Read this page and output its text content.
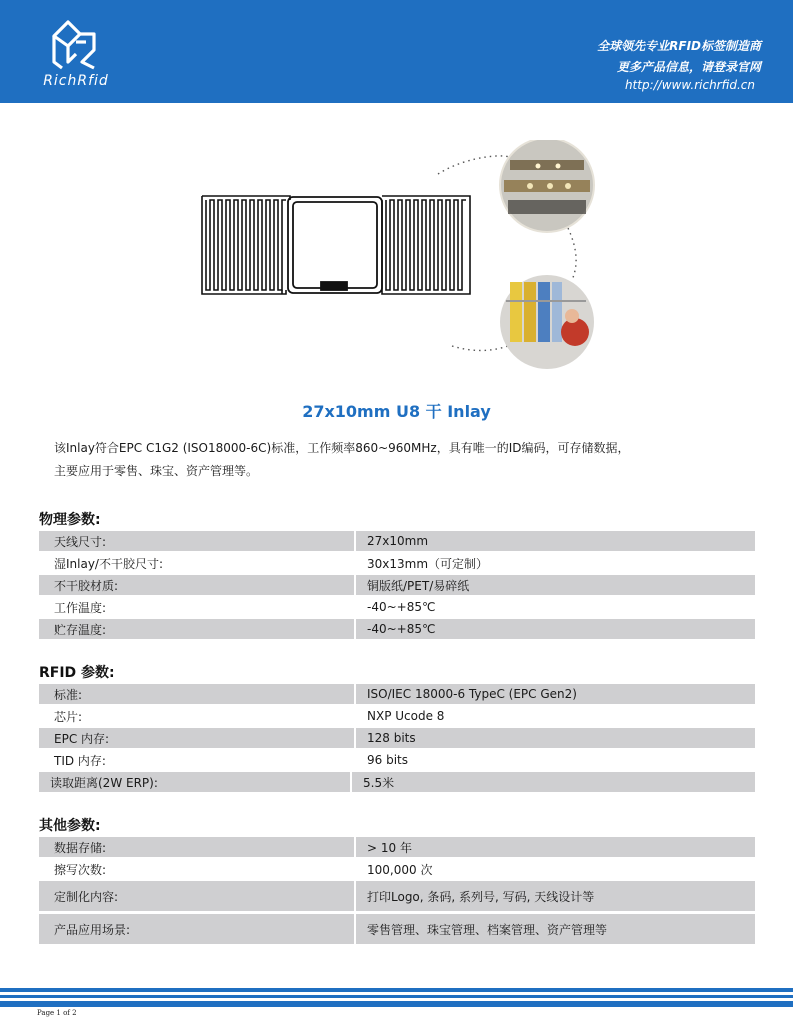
RichRfid
全球领先专业RFID标签制造商
更多产品信息，请登录官网
http://www.richrfid.cn
27x10mm U8 干 Inlay

该Inlay符合EPC C1G2 (ISO18000-6C)标准，工作频率860~960MHz，具有唯一的ID编码，可存储数据，

主要应用于零售、珠宝、资产管理等。

物理参数:
天线尺寸:	27x10mm
湿Inlay/不干胶尺寸:	30x13mm（可定制）
不干胶材质:	铜版纸/PET/易碎纸
工作温度:	-40~+85℃
贮存温度:	-40~+85℃
RFID 参数:
标准:	ISO/IEC 18000-6 TypeC (EPC Gen2)
芯片:	NXP Ucode 8
EPC 内存:	128 bits
TID 内存:	96 bits
读取距离(2W ERP):	5.5米
其他参数:
数据存储:	> 10 年
擦写次数:	100,000 次
定制化内容:	打印Logo, 条码, 系列号, 写码, 天线设计等
产品应用场景:	零售管理、珠宝管理、档案管理、资产管理等
Page 1 of 2
